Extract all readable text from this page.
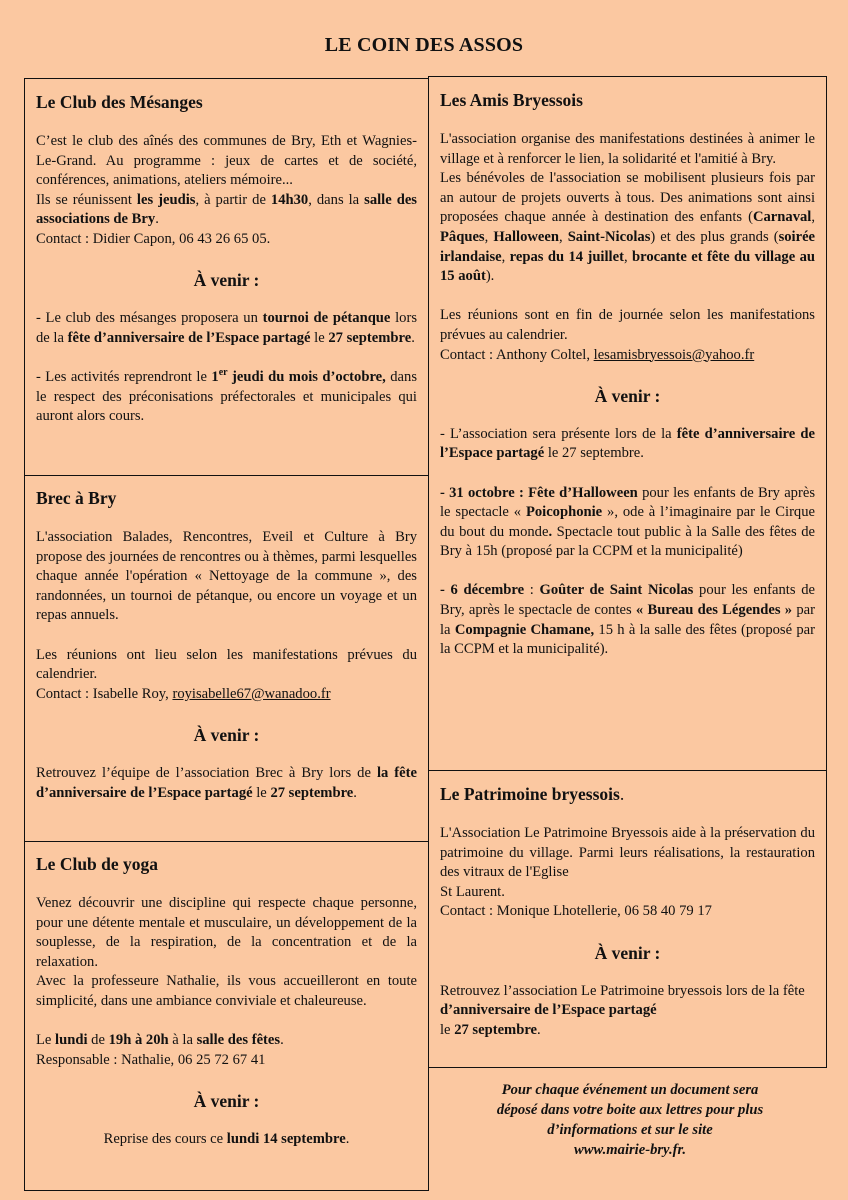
LE COIN DES ASSOS
Le Club des Mésanges

C’est le club des aînés des communes de Bry, Eth et Wagnies-Le-Grand. Au programme : jeux de cartes et de société, conférences, animations, ateliers mémoire...
Ils se réunissent les jeudis, à partir de 14h30, dans la salle des associations de Bry.
Contact : Didier Capon, 06 43 26 65 05.

À venir :

- Le club des mésanges proposera un tournoi de pétanque lors de la fête d’anniversaire de l’Espace partagé le 27 septembre.

- Les activités reprendront le 1er jeudi du mois d’octobre, dans le respect des préconisations préfectorales et municipales qui auront alors cours.

Brec à Bry

L'association Balades, Rencontres, Eveil et Culture à Bry propose des journées de rencontres ou à thèmes, parmi lesquelles chaque année l'opération « Nettoyage de la commune », des randonnées, un tournoi de pétanque, ou encore un voyage et un repas annuels.

Les réunions ont lieu selon les manifestations prévues du calendrier.
Contact : Isabelle Roy, royisabelle67@wanadoo.fr

À venir :

Retrouvez l’équipe de l’association Brec à Bry lors de la fête d’anniversaire de l’Espace partagé le 27 septembre.

Le Club de yoga

Venez découvrir une discipline qui respecte chaque personne, pour une détente mentale et musculaire, un développement de la souplesse, de la respiration, de la concentration et de la relaxation.
Avec la professeure Nathalie, ils vous accueilleront en toute simplicité, dans une ambiance conviviale et chaleureuse.

Le lundi de 19h à 20h à la salle des fêtes.
Responsable : Nathalie, 06 25 72 67 41

À venir :

Reprise des cours ce lundi 14 septembre.

Les Amis Bryessois

L'association organise des manifestations destinées à animer le village et à renforcer le lien, la solidarité et l'amitié à Bry.
Les bénévoles de l'association se mobilisent plusieurs fois par an autour de projets ouverts à tous. Des animations sont ainsi proposées chaque année à destination des enfants (Carnaval, Pâques, Halloween, Saint-Nicolas) et des plus grands (soirée irlandaise, repas du 14 juillet, brocante et fête du village au 15 août).

Les réunions sont en fin de journée selon les manifestations prévues au calendrier.
Contact : Anthony Coltel, lesamisbryessois@yahoo.fr

À venir :

- L’association sera présente lors de la fête d’anniversaire de l’Espace partagé le 27 septembre.

- 31 octobre : Fête d’Halloween pour les enfants de Bry après le spectacle « Poicophonie », ode à l’imaginaire par le Cirque du bout du monde. Spectacle tout public à la Salle des fêtes de Bry à 15h (proposé par la CCPM et la municipalité)

- 6 décembre : Goûter de Saint Nicolas pour les enfants de Bry, après le spectacle de contes « Bureau des Légendes » par la Compagnie Chamane, 15 h à la salle des fêtes (proposé par la CCPM et la municipalité).

Le Patrimoine bryessois.

L'Association Le Patrimoine Bryessois aide à la préservation du patrimoine du village. Parmi leurs réalisations, la restauration des vitraux de l'Eglise
St Laurent.
Contact : Monique Lhotellerie, 06 58 40 79 17

À venir :

Retrouvez l’association Le Patrimoine bryessois lors de la fête d’anniversaire de l’Espace partagé
le 27 septembre.

Pour chaque événement un document sera
déposé dans votre boite aux lettres pour plus
d’informations et sur le site
www.mairie-bry.fr.
